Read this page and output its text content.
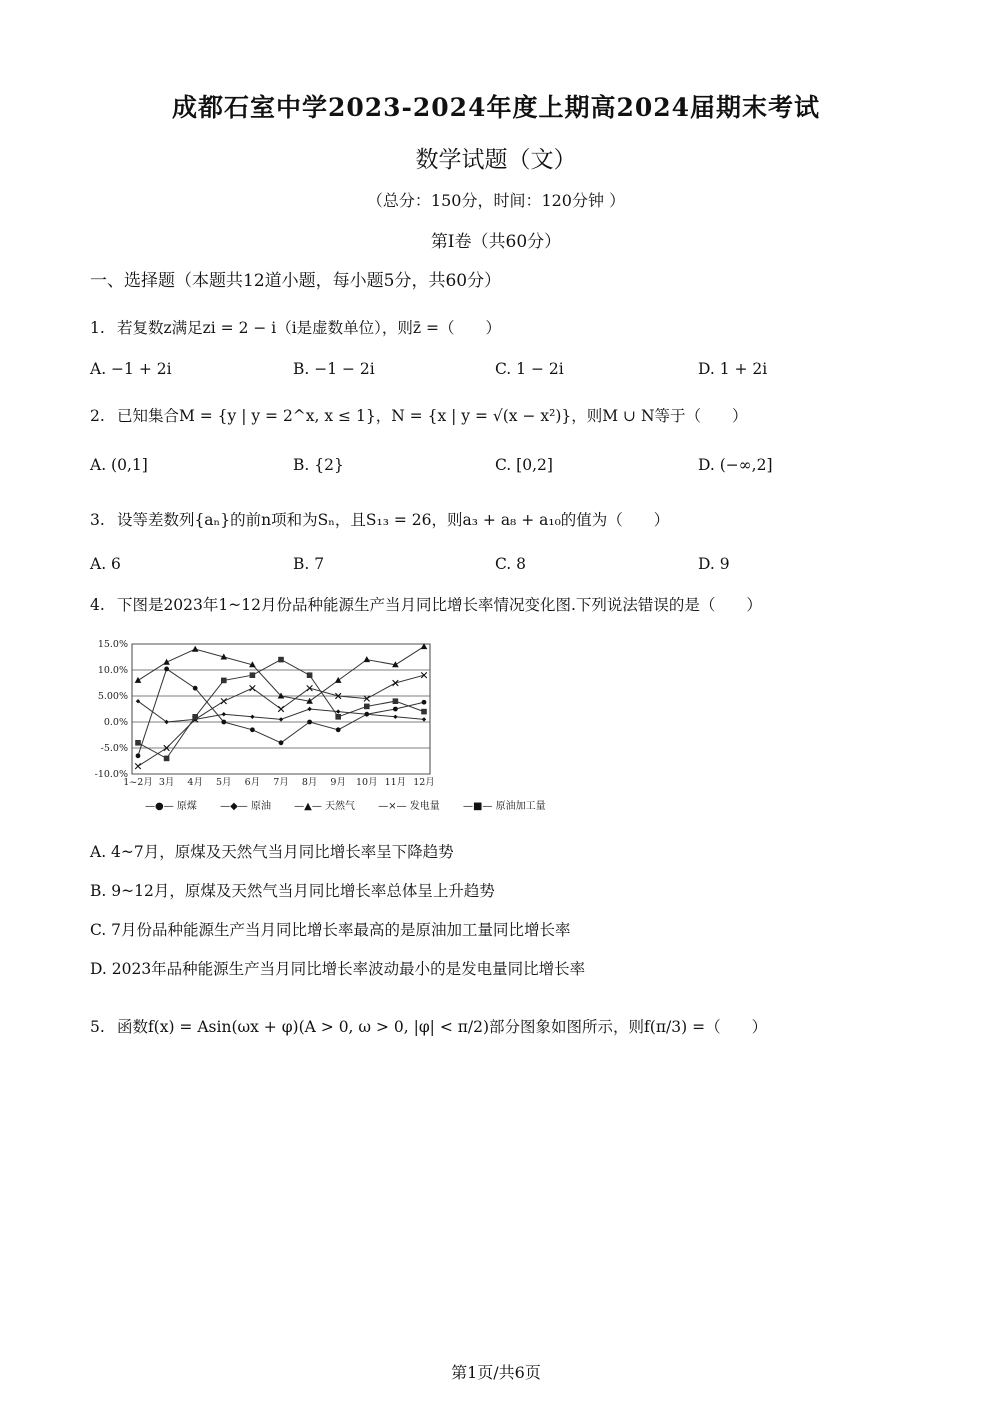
成都石室中学2023-2024年度上期高2024届期末考试
数学试题（文）
（总分：150分，时间：120分钟 ）
第Ⅰ卷（共60分）
一、选择题（本题共12道小题，每小题5分，共60分）
1. 若复数z满足zi = 2 − i（i是虚数单位），则z̄ =（　　）
A. −1 + 2i	B. −1 − 2i	C. 1 − 2i	D. 1 + 2i
2. 已知集合M = {y | y = 2^x, x ≤ 1}，N = {x | y = √(x − x²)}，则M ∪ N等于（　　）
A. (0,1]	B. {2}	C. [0,2]	D. (−∞,2]
3. 设等差数列{aₙ}的前n项和为Sₙ，且S₁₃ = 26，则a₃ + a₈ + a₁₀的值为（　　）
A. 6	B. 7	C. 8	D. 9
4. 下图是2023年1~12月份品种能源生产当月同比增长率情况变化图.下列说法错误的是（　　）
15.0%
10.0%
5.00%
0.0%
-5.0%
-10.0%
1~2月 3月 4月 5月 6月 7月 8月 9月 10月 11月 12月
—●— 原煤 —◆— 原油 —▲— 天然气 —×— 发电量 —■— 原油加工量
A. 4~7月，原煤及天然气当月同比增长率呈下降趋势
B. 9~12月，原煤及天然气当月同比增长率总体呈上升趋势
C. 7月份品种能源生产当月同比增长率最高的是原油加工量同比增长率
D. 2023年品种能源生产当月同比增长率波动最小的是发电量同比增长率
5. 函数f(x) = Asin(ωx + φ)(A > 0, ω > 0, |φ| < π/2)部分图象如图所示，则f(π/3) =（　　）
第1页/共6页
